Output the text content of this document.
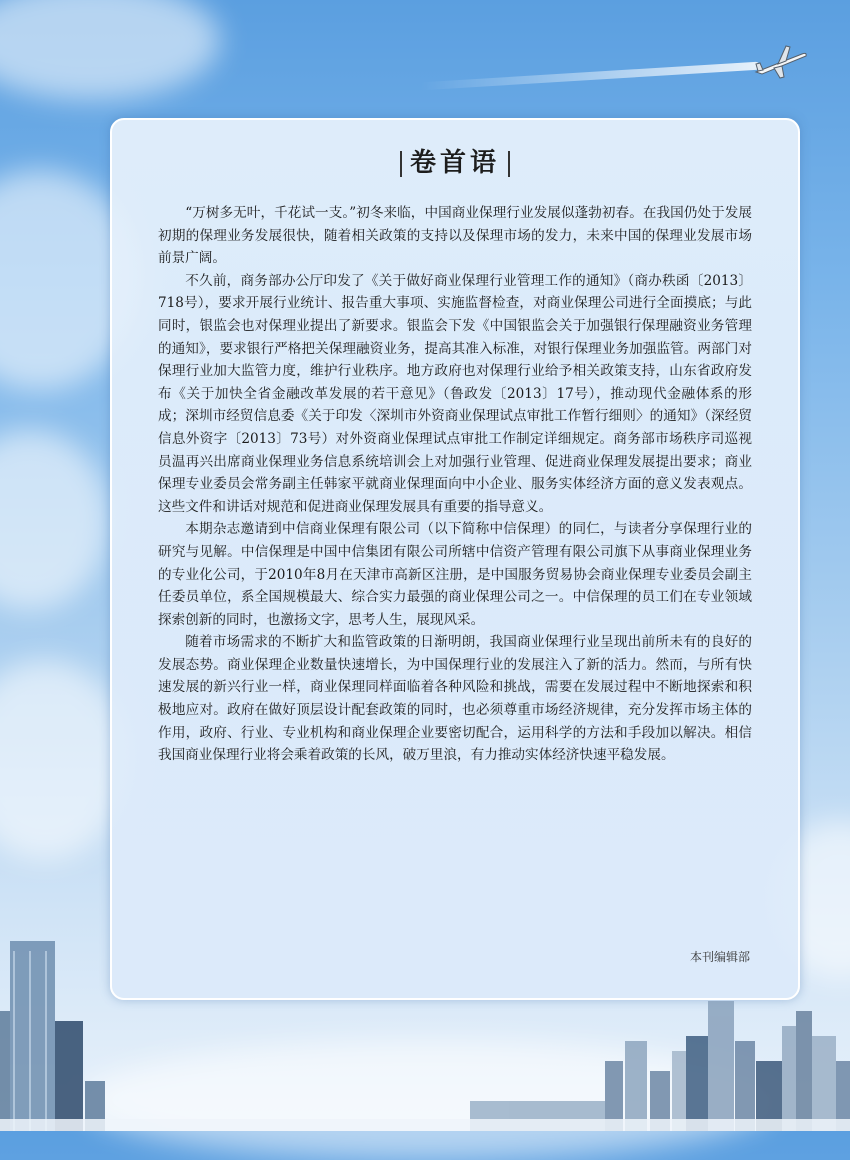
卷首语

“万树多无叶，千花试一支。”初冬来临，中国商业保理行业发展似蓬勃初春。在我国仍处于发展初期的保理业务发展很快，随着相关政策的支持以及保理市场的发力，未来中国的保理业发展市场前景广阔。

不久前，商务部办公厅印发了《关于做好商业保理行业管理工作的通知》（商办秩函〔2013〕718号），要求开展行业统计、报告重大事项、实施监督检查，对商业保理公司进行全面摸底；与此同时，银监会也对保理业提出了新要求。银监会下发《中国银监会关于加强银行保理融资业务管理的通知》，要求银行严格把关保理融资业务，提高其准入标准，对银行保理业务加强监管。两部门对保理行业加大监管力度，维护行业秩序。地方政府也对保理行业给予相关政策支持，山东省政府发布《关于加快全省金融改革发展的若干意见》（鲁政发〔2013〕17号），推动现代金融体系的形成；深圳市经贸信息委《关于印发〈深圳市外资商业保理试点审批工作暂行细则〉的通知》（深经贸信息外资字〔2013〕73号）对外资商业保理试点审批工作制定详细规定。商务部市场秩序司巡视员温再兴出席商业保理业务信息系统培训会上对加强行业管理、促进商业保理发展提出要求；商业保理专业委员会常务副主任韩家平就商业保理面向中小企业、服务实体经济方面的意义发表观点。这些文件和讲话对规范和促进商业保理发展具有重要的指导意义。

本期杂志邀请到中信商业保理有限公司（以下简称中信保理）的同仁，与读者分享保理行业的研究与见解。中信保理是中国中信集团有限公司所辖中信资产管理有限公司旗下从事商业保理业务的专业化公司，于2010年8月在天津市高新区注册，是中国服务贸易协会商业保理专业委员会副主任委员单位，系全国规模最大、综合实力最强的商业保理公司之一。中信保理的员工们在专业领域探索创新的同时，也激扬文字，思考人生，展现风采。

随着市场需求的不断扩大和监管政策的日渐明朗，我国商业保理行业呈现出前所未有的良好的发展态势。商业保理企业数量快速增长，为中国保理行业的发展注入了新的活力。然而，与所有快速发展的新兴行业一样，商业保理同样面临着各种风险和挑战，需要在发展过程中不断地探索和积极地应对。政府在做好顶层设计配套政策的同时，也必须尊重市场经济规律，充分发挥市场主体的作用，政府、行业、专业机构和商业保理企业要密切配合，运用科学的方法和手段加以解决。相信我国商业保理行业将会乘着政策的长风，破万里浪，有力推动实体经济快速平稳发展。

本刊编辑部
